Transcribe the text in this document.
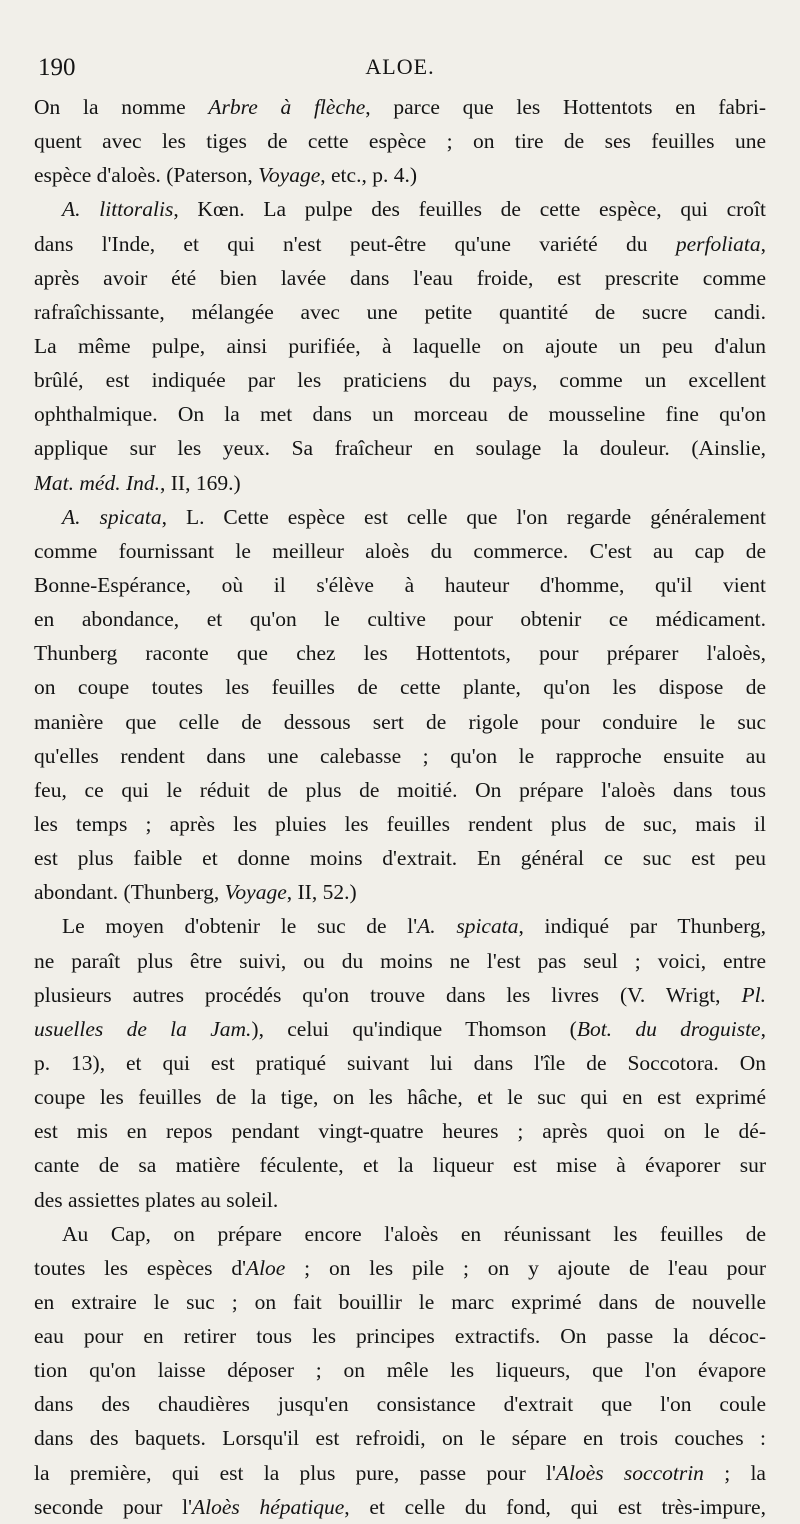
190	ALOE.
On la nomme Arbre à flèche, parce que les Hottentots en fabri-
quent avec les tiges de cette espèce ; on tire de ses feuilles une
espèce d'aloès. (Paterson, Voyage, etc., p. 4.)
A. littoralis, Kœn. La pulpe des feuilles de cette espèce, qui croît
dans l'Inde, et qui n'est peut-être qu'une variété du perfoliata,
après avoir été bien lavée dans l'eau froide, est prescrite comme
rafraîchissante, mélangée avec une petite quantité de sucre candi.
La même pulpe, ainsi purifiée, à laquelle on ajoute un peu d'alun
brûlé, est indiquée par les praticiens du pays, comme un excellent
ophthalmique. On la met dans un morceau de mousseline fine qu'on
applique sur les yeux. Sa fraîcheur en soulage la douleur. (Ainslie,
Mat. méd. Ind., II, 169.)
A. spicata, L. Cette espèce est celle que l'on regarde généralement
comme fournissant le meilleur aloès du commerce. C'est au cap de
Bonne-Espérance, où il s'élève à hauteur d'homme, qu'il vient
en abondance, et qu'on le cultive pour obtenir ce médicament.
Thunberg raconte que chez les Hottentots, pour préparer l'aloès,
on coupe toutes les feuilles de cette plante, qu'on les dispose de
manière que celle de dessous sert de rigole pour conduire le suc
qu'elles rendent dans une calebasse ; qu'on le rapproche ensuite au
feu, ce qui le réduit de plus de moitié. On prépare l'aloès dans tous
les temps ; après les pluies les feuilles rendent plus de suc, mais il
est plus faible et donne moins d'extrait. En général ce suc est peu
abondant. (Thunberg, Voyage, II, 52.)
Le moyen d'obtenir le suc de l'A. spicata, indiqué par Thunberg,
ne paraît plus être suivi, ou du moins ne l'est pas seul ; voici, entre
plusieurs autres procédés qu'on trouve dans les livres (V. Wrigt, Pl.
usuelles de la Jam.), celui qu'indique Thomson (Bot. du droguiste,
p. 13), et qui est pratiqué suivant lui dans l'île de Soccotora. On
coupe les feuilles de la tige, on les hâche, et le suc qui en est exprimé
est mis en repos pendant vingt-quatre heures ; après quoi on le dé-
cante de sa matière féculente, et la liqueur est mise à évaporer sur
des assiettes plates au soleil.
Au Cap, on prépare encore l'aloès en réunissant les feuilles de
toutes les espèces d'Aloe ; on les pile ; on y ajoute de l'eau pour
en extraire le suc ; on fait bouillir le marc exprimé dans de nouvelle
eau pour en retirer tous les principes extractifs. On passe la décoc-
tion qu'on laisse déposer ; on mêle les liqueurs, que l'on évapore
dans des chaudières jusqu'en consistance d'extrait que l'on coule
dans des baquets. Lorsqu'il est refroidi, on le sépare en trois couches :
la première, qui est la plus pure, passe pour l'Aloès soccotrin ; la
seconde pour l'Aloès hépatique, et celle du fond, qui est très-impure,
